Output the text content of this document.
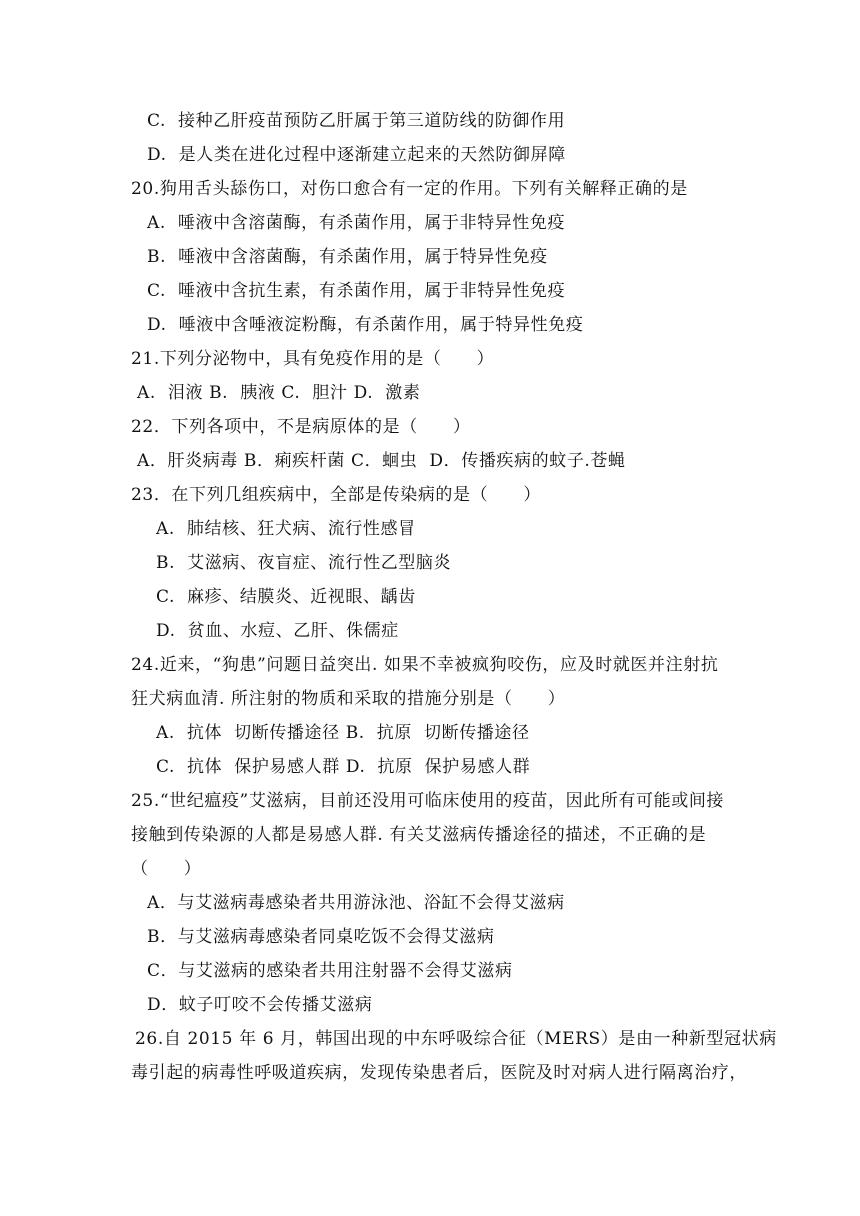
C.  接种乙肝疫苗预防乙肝属于第三道防线的防御作用
D.  是人类在进化过程中逐渐建立起来的天然防御屏障
20.狗用舌头舔伤口，对伤口愈合有一定的作用。下列有关解释正确的是
A.  唾液中含溶菌酶，有杀菌作用，属于非特异性免疫
B.  唾液中含溶菌酶，有杀菌作用，属于特异性免疫
C.  唾液中含抗生素，有杀菌作用，属于非特异性免疫
D.  唾液中含唾液淀粉酶，有杀菌作用，属于特异性免疫
21.下列分泌物中，具有免疫作用的是（　　）
A.  泪液 B.  胰液 C.  胆汁 D.  激素
22．下列各项中，不是病原体的是（　　）
A．肝炎病毒 B．痢疾杆菌 C．蛔虫  D．传播疾病的蚊子.苍蝇
23．在下列几组疾病中，全部是传染病的是（　　）
A.  肺结核、狂犬病、流行性感冒
B.  艾滋病、夜盲症、流行性乙型脑炎
C.  麻疹、结膜炎、近视眼、龋齿
D.  贫血、水痘、乙肝、侏儒症
24.近来，“狗患”问题日益突出. 如果不幸被疯狗咬伤，应及时就医并注射抗
狂犬病血清. 所注射的物质和采取的措施分别是（　　）
A.  抗体  切断传播途径 B.  抗原  切断传播途径
C.  抗体  保护易感人群 D.  抗原  保护易感人群
25.“世纪瘟疫”艾滋病，目前还没用可临床使用的疫苗，因此所有可能或间接
接触到传染源的人都是易感人群. 有关艾滋病传播途径的描述，不正确的是
（　　）
A．与艾滋病毒感染者共用游泳池、浴缸不会得艾滋病
B．与艾滋病毒感染者同桌吃饭不会得艾滋病
C．与艾滋病的感染者共用注射器不会得艾滋病
D．蚊子叮咬不会传播艾滋病
26.自 2015 年 6 月，韩国出现的中东呼吸综合征（MERS）是由一种新型冠状病
毒引起的病毒性呼吸道疾病，发现传染患者后，医院及时对病人进行隔离治疗，
